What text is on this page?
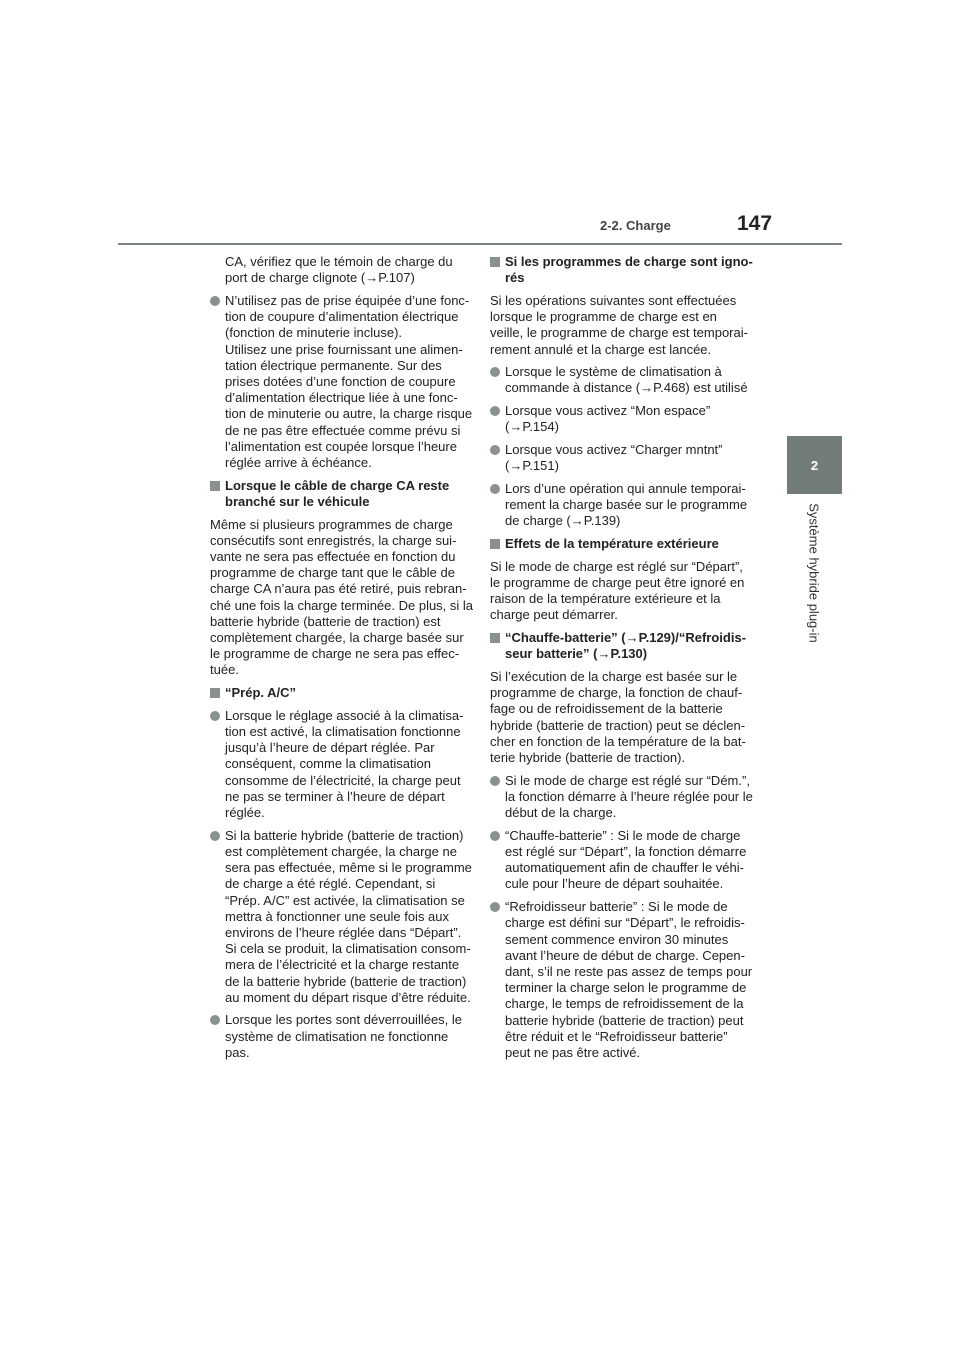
2-2. Charge	147
2
Système hybride plug-in
CA, vérifiez que le témoin de charge du
port de charge clignote (→P.107)
N’utilisez pas de prise équipée d’une fonc-
tion de coupure d’alimentation électrique
(fonction de minuterie incluse).
Utilisez une prise fournissant une alimen-
tation électrique permanente. Sur des
prises dotées d’une fonction de coupure
d’alimentation électrique liée à une fonc-
tion de minuterie ou autre, la charge risque
de ne pas être effectuée comme prévu si
l’alimentation est coupée lorsque l’heure
réglée arrive à échéance.
Lorsque le câble de charge CA reste
branché sur le véhicule
Même si plusieurs programmes de charge
consécutifs sont enregistrés, la charge sui-
vante ne sera pas effectuée en fonction du
programme de charge tant que le câble de
charge CA n’aura pas été retiré, puis rebran-
ché une fois la charge terminée. De plus, si la
batterie hybride (batterie de traction) est
complètement chargée, la charge basée sur
le programme de charge ne sera pas effec-
tuée.
“Prép. A/C”
Lorsque le réglage associé à la climatisa-
tion est activé, la climatisation fonctionne
jusqu’à l’heure de départ réglée. Par
conséquent, comme la climatisation
consomme de l’électricité, la charge peut
ne pas se terminer à l’heure de départ
réglée.
Si la batterie hybride (batterie de traction)
est complètement chargée, la charge ne
sera pas effectuée, même si le programme
de charge a été réglé. Cependant, si
“Prép. A/C” est activée, la climatisation se
mettra à fonctionner une seule fois aux
environs de l’heure réglée dans “Départ”.
Si cela se produit, la climatisation consom-
mera de l’électricité et la charge restante
de la batterie hybride (batterie de traction)
au moment du départ risque d’être réduite.
Lorsque les portes sont déverrouillées, le
système de climatisation ne fonctionne
pas.
Si les programmes de charge sont igno-
rés
Si les opérations suivantes sont effectuées
lorsque le programme de charge est en
veille, le programme de charge est temporai-
rement annulé et la charge est lancée.
Lorsque le système de climatisation à
commande à distance (→P.468) est utilisé
Lorsque vous activez “Mon espace”
(→P.154)
Lorsque vous activez “Charger mntnt”
(→P.151)
Lors d’une opération qui annule temporai-
rement la charge basée sur le programme
de charge (→P.139)
Effets de la température extérieure
Si le mode de charge est réglé sur “Départ”,
le programme de charge peut être ignoré en
raison de la température extérieure et la
charge peut démarrer.
“Chauffe-batterie” (→P.129)/“Refroidis-
seur batterie” (→P.130)
Si l’exécution de la charge est basée sur le
programme de charge, la fonction de chauf-
fage ou de refroidissement de la batterie
hybride (batterie de traction) peut se déclen-
cher en fonction de la température de la bat-
terie hybride (batterie de traction).
Si le mode de charge est réglé sur “Dém.”,
la fonction démarre à l’heure réglée pour le
début de la charge.
“Chauffe-batterie” : Si le mode de charge
est réglé sur “Départ”, la fonction démarre
automatiquement afin de chauffer le véhi-
cule pour l’heure de départ souhaitée.
“Refroidisseur batterie” : Si le mode de
charge est défini sur “Départ”, le refroidis-
sement commence environ 30 minutes
avant l’heure de début de charge. Cepen-
dant, s’il ne reste pas assez de temps pour
terminer la charge selon le programme de
charge, le temps de refroidissement de la
batterie hybride (batterie de traction) peut
être réduit et le “Refroidisseur batterie”
peut ne pas être activé.
